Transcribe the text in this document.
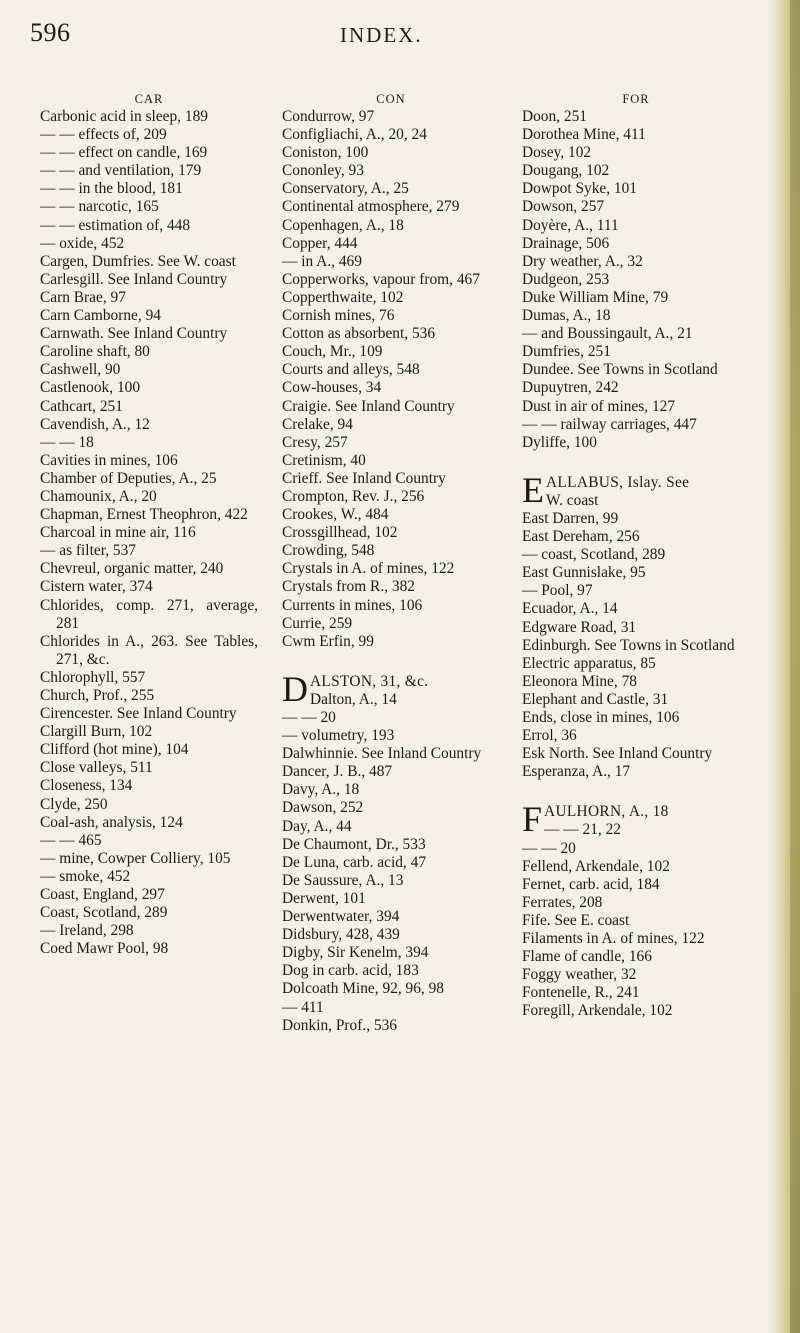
596	INDEX.
CAR

Carbonic acid in sleep, 189

— — effects of, 209

— — effect on candle, 169

— — and ventilation, 179

— — in the blood, 181

— — narcotic, 165

— — estimation of, 448

— oxide, 452

Cargen, Dumfries. See W. coast

Carlesgill. See Inland Country

Carn Brae, 97

Carn Camborne, 94

Carnwath. See Inland Country

Caroline shaft, 80

Cashwell, 90

Castlenook, 100

Cathcart, 251

Cavendish, A., 12

— — 18

Cavities in mines, 106

Chamber of Deputies, A., 25

Chamounix, A., 20

Chapman, Ernest Theophron, 422

Charcoal in mine air, 116

— as filter, 537

Chevreul, organic matter, 240

Cistern water, 374

Chlorides, comp. 271, average, 281

Chlorides in A., 263. See Tables, 271, &c.

Chlorophyll, 557

Church, Prof., 255

Cirencester. See Inland Country

Clargill Burn, 102

Clifford (hot mine), 104

Close valleys, 511

Closeness, 134

Clyde, 250

Coal-ash, analysis, 124

— — 465

— mine, Cowper Colliery, 105

— smoke, 452

Coast, England, 297

Coast, Scotland, 289

— Ireland, 298

Coed Mawr Pool, 98

CON

Condurrow, 97

Configliachi, A., 20, 24

Coniston, 100

Cononley, 93

Conservatory, A., 25

Continental atmosphere, 279

Copenhagen, A., 18

Copper, 444

— in A., 469

Copperworks, vapour from, 467

Copperthwaite, 102

Cornish mines, 76

Cotton as absorbent, 536

Couch, Mr., 109

Courts and alleys, 548

Cow-houses, 34

Craigie. See Inland Country

Crelake, 94

Cresy, 257

Cretinism, 40

Crieff. See Inland Country

Crompton, Rev. J., 256

Crookes, W., 484

Crossgillhead, 102

Crowding, 548

Crystals in A. of mines, 122

Crystals from R., 382

Currents in mines, 106

Currie, 259

Cwm Erfin, 99

D ALSTON, 31, &c.
Dalton, A., 14

— — 20

— volumetry, 193

Dalwhinnie. See Inland Country

Dancer, J. B., 487

Davy, A., 18

Dawson, 252

Day, A., 44

De Chaumont, Dr., 533

De Luna, carb. acid, 47

De Saussure, A., 13

Derwent, 101

Derwentwater, 394

Didsbury, 428, 439

Digby, Sir Kenelm, 394

Dog in carb. acid, 183

Dolcoath Mine, 92, 96, 98

— 411

Donkin, Prof., 536

FOR

Doon, 251

Dorothea Mine, 411

Dosey, 102

Dougang, 102

Dowpot Syke, 101

Dowson, 257

Doyère, A., 111

Drainage, 506

Dry weather, A., 32

Dudgeon, 253

Duke William Mine, 79

Dumas, A., 18

— and Boussingault, A., 21

Dumfries, 251

Dundee. See Towns in Scotland

Dupuytren, 242

Dust in air of mines, 127

— — railway carriages, 447

Dyliffe, 100

E ALLABUS, Islay. See
W. coast

East Darren, 99

East Dereham, 256

— coast, Scotland, 289

East Gunnislake, 95

— Pool, 97

Ecuador, A., 14

Edgware Road, 31

Edinburgh. See Towns in Scotland

Electric apparatus, 85

Eleonora Mine, 78

Elephant and Castle, 31

Ends, close in mines, 106

Errol, 36

Esk North. See Inland Country

Esperanza, A., 17

F AULHORN, A., 18
— — 21, 22

— — 20

Fellend, Arkendale, 102

Fernet, carb. acid, 184

Ferrates, 208

Fife. See E. coast

Filaments in A. of mines, 122

Flame of candle, 166

Foggy weather, 32

Fontenelle, R., 241

Foregill, Arkendale, 102
